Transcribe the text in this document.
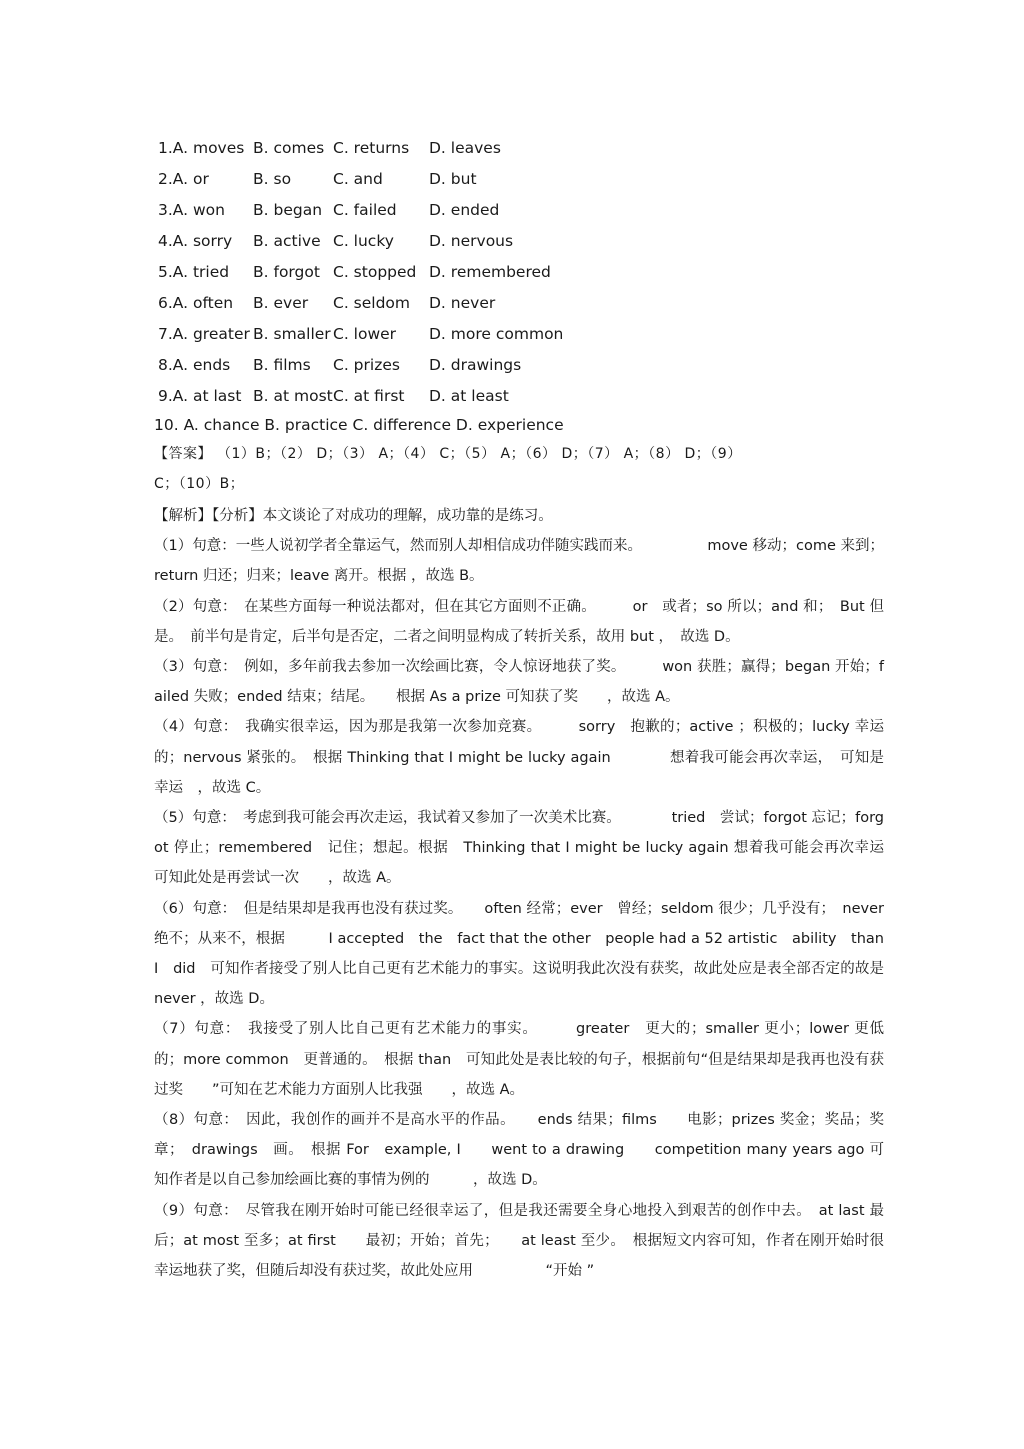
1.A. moves B. comes C. returns	D. leaves
2.A. or	B. so	C. and	D. but
3.A. won	B. began C. failed	D. ended
4.A. sorry	B. active C. lucky	D. nervous
5.A. tried	B. forgot C. stopped D. remembered
6.A. often	B. ever	C. seldom	D. never
7.A. greater B. smaller C. lower	D. more common
8.A. ends	B. films	C. prizes	D. drawings
9.A. at last B. at most C. at first	D. at least
10. A. chance B. practice C. difference D. experience
【答案】 （1）B；（2） D；（3） A；（4） C；（5） A；（6） D；（7） A；（8） D；（9）
C；（10）B；
【解析】【分析】本文谈论了对成功的理解，成功靠的是练习。
（1）句意：一些人说初学者全靠运气，然而别人却相信成功伴随实践而来。　　　　　move 移动；come 来到；return 归还；归来；leave 离开。根据 ，故选 B。
（2）句意：　在某些方面每一种说法都对，但在其它方面则不正确。　　　or　或者；so 所以；and 和；　But 但是。　前半句是肯定，后半句是否定，二者之间明显构成了转折关系，故用 but ，　故选 D。
（3）句意：　例如，多年前我去参加一次绘画比赛，令人惊讶地获了奖。　　　won 获胜；赢得；began 开始；failed 失败；ended 结束；结尾。　　根据 As a prize 可知获了奖　　，故选 A。
（4）句意：　我确实很幸运，因为那是我第一次参加竞赛。　　　sorry　抱歉的；active ；积极的；lucky 幸运的；nervous 紧张的。　根据 Thinking that I might be lucky again　　　　想着我可能会再次幸运，　可知是幸运　，故选 C。
（5）句意：　考虑到我可能会再次走运，我试着又参加了一次美术比赛。　　　　tried　尝试；forgot 忘记；forgot 停止；remembered　记住；想起。根据　Thinking that I might be lucky again 想着我可能会再次幸运　　可知此处是再尝试一次　　，故选 A。
（6）句意：　但是结果却是我再也没有获过奖。　　often 经常；ever　曾经；seldom 很少；几乎没有；　never 绝不；从来不，根据　　　I accepted　the　fact that the other　people had a 52 artistic　ability　than　I　did　可知作者接受了别人比自己更有艺术能力的事实。这说明我此次没有获奖，故此处应是表全部否定的故是　　　　never ，故选 D。
（7）句意：　我接受了别人比自己更有艺术能力的事实。　　　greater　更大的；smaller 更小；lower 更低的；more common　更普通的。　根据 than　可知此处是表比较的句子，根据前句“但是结果却是我再也没有获过奖　　”可知在艺术能力方面别人比我强　　，故选 A。
（8）句意：　因此，我创作的画并不是高水平的作品。　　ends 结果；films　　电影；prizes 奖金；奖品；奖章；　drawings　画。　根据 For　example, I　　went to a drawing　　competition many years ago 可知作者是以自己参加绘画比赛的事情为例的　　　，故选 D。
（9）句意：　尽管我在刚开始时可能已经很幸运了，但是我还需要全身心地投入到艰苦的创作中去。　at last 最后；at most 至多；at first　　最初；开始；首先；　　at least 至少。　根据短文内容可知，作者在刚开始时很幸运地获了奖，但随后却没有获过奖，故此处应用　　　　　“开始 ”
